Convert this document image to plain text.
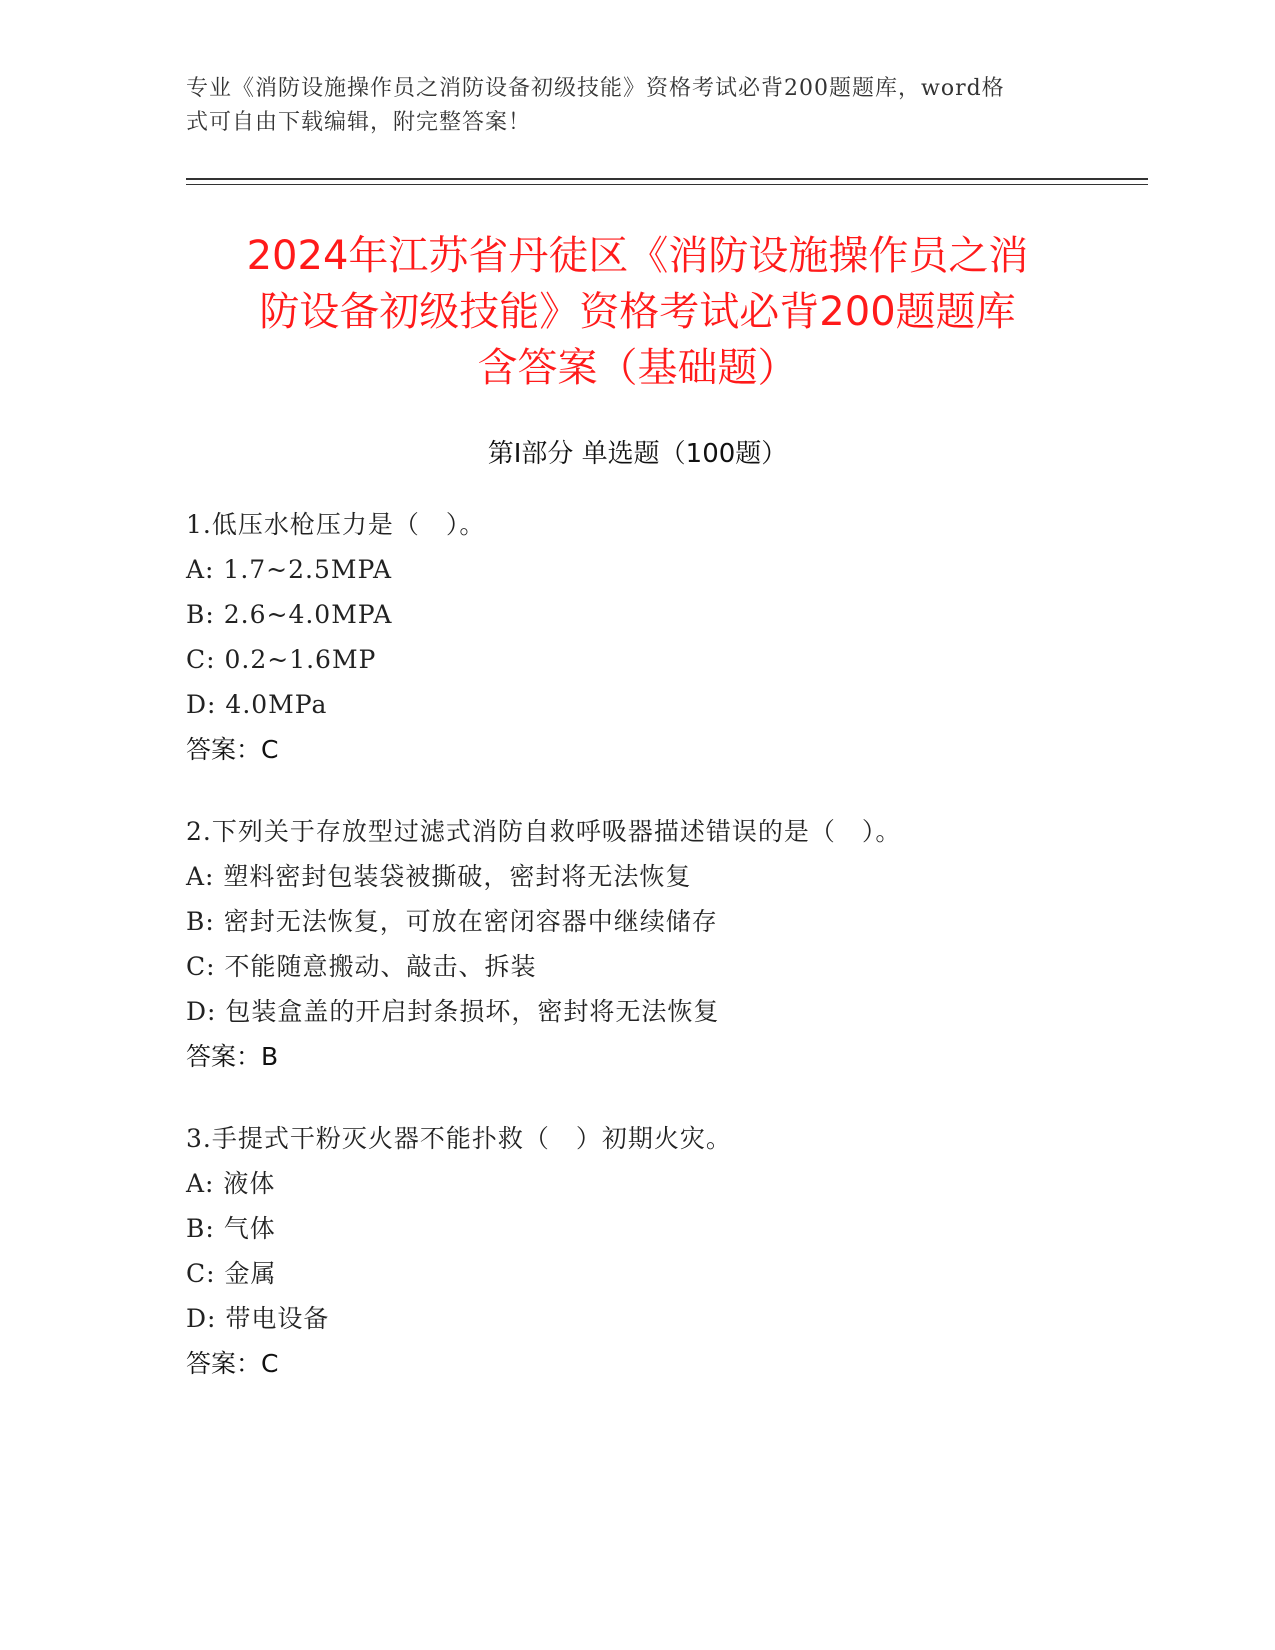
专业《消防设施操作员之消防设备初级技能》资格考试必背200题题库，word格
式可自由下载编辑，附完整答案！
2024年江苏省丹徒区《消防设施操作员之消
防设备初级技能》资格考试必背200题题库
含答案（基础题）
第Ⅰ部分 单选题（100题）
1.低压水枪压力是（　）。
A: 1.7~2.5MPA
B: 2.6~4.0MPA
C: 0.2~1.6MP
D: 4.0MPa
答案：C
2.下列关于存放型过滤式消防自救呼吸器描述错误的是（　）。
A: 塑料密封包装袋被撕破，密封将无法恢复
B: 密封无法恢复，可放在密闭容器中继续储存
C: 不能随意搬动、敲击、拆装
D: 包装盒盖的开启封条损坏，密封将无法恢复
答案：B
3.手提式干粉灭火器不能扑救（　）初期火灾。
A: 液体
B: 气体
C: 金属
D: 带电设备
答案：C
